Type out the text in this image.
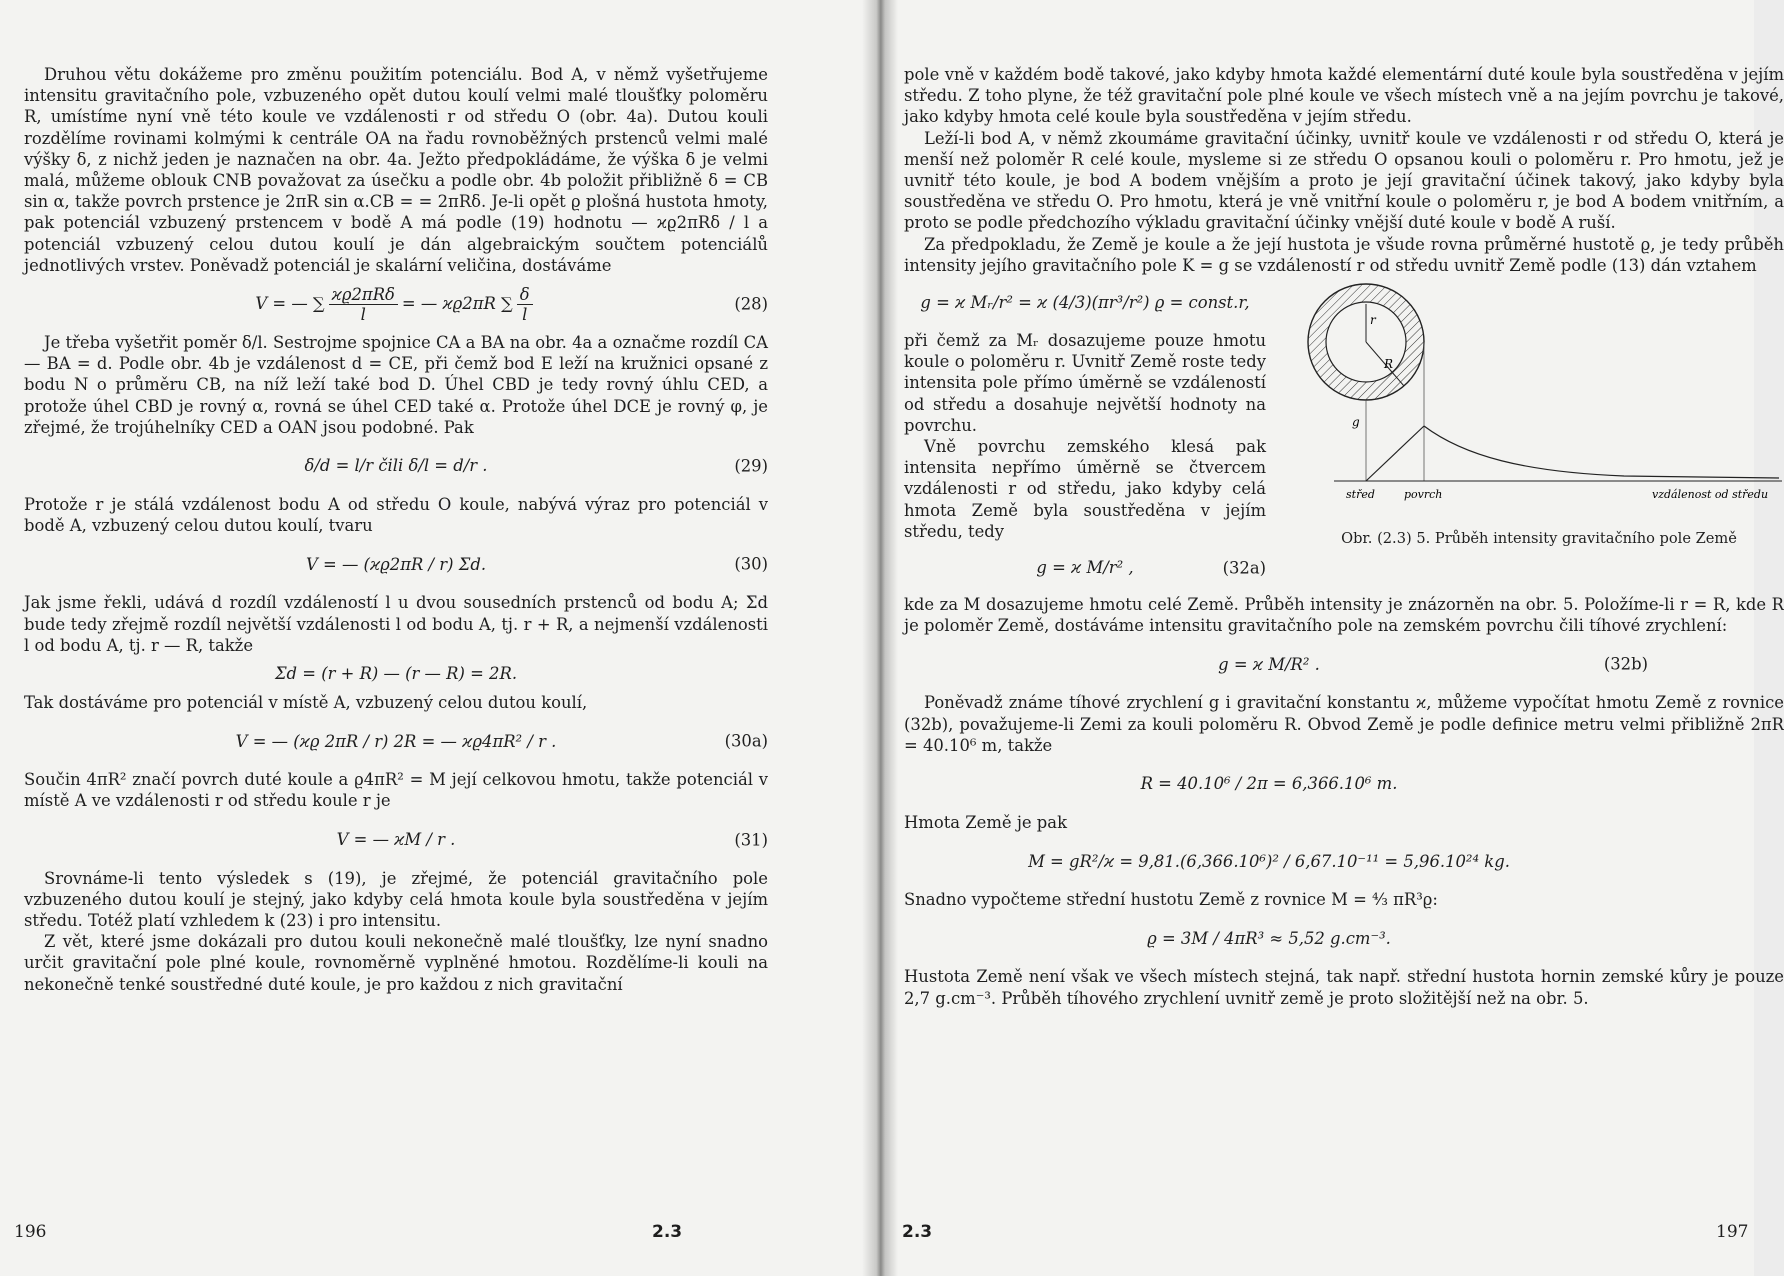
Druhou větu dokážeme pro změnu použitím potenciálu. Bod A, v němž vyšetřujeme intensitu gravitačního pole, vzbuzeného opět dutou koulí velmi malé tloušťky poloměru R, umístíme nyní vně této koule ve vzdálenosti r od středu O (obr. 4a). Dutou kouli rozdělíme rovinami kolmými k centrále OA na řadu rovnoběžných prstenců velmi malé výšky δ, z nichž jeden je naznačen na obr. 4a. Ježto předpokládáme, že výška δ je velmi malá, můžeme oblouk CNB považovat za úsečku a podle obr. 4b položit přibližně δ = CB sin α, takže povrch prstence je 2πR sin α.CB = = 2πRδ. Je-li opět ϱ plošná hustota hmoty, pak potenciál vzbuzený prstencem v bodě A má podle (19) hodnotu — ϰϱ2πRδ / l a potenciál vzbuzený celou dutou koulí je dán algebraickým součtem potenciálů jednotlivých vrstev. Poněvadž potenciál je skalární veličina, dostáváme

V = — ∑ $\frac{\text{ϰϱ2πRδ}}{l}$ = — ϰϱ2πR ∑ $\frac{\delta}{l}$	(28)

Je třeba vyšetřit poměr δ/l. Sestrojme spojnice CA a BA na obr. 4a a označme rozdíl CA — BA = d. Podle obr. 4b je vzdálenost d = CE, při čemž bod E leží na kružnici opsané z bodu N o průměru CB, na níž leží také bod D. Úhel CBD je tedy rovný úhlu CED, a protože úhel CBD je rovný α, rovná se úhel CED také α. Protože úhel DCE je rovný φ, je zřejmé, že trojúhelníky CED a OAN jsou podobné. Pak

δ/d = l/r čili δ/l = d/r .	(29)

Protože r je stálá vzdálenost bodu A od středu O koule, nabývá výraz pro potenciál v bodě A, vzbuzený celou dutou koulí, tvaru

V = — (ϰϱ2πR / r) Σd.	(30)

Jak jsme řekli, udává d rozdíl vzdáleností l u dvou sousedních prstenců od bodu A; Σd bude tedy zřejmě rozdíl největší vzdálenosti l od bodu A, tj. r + R, a nejmenší vzdálenosti l od bodu A, tj. r — R, takže

Σd = (r + R) — (r — R) = 2R.

Tak dostáváme pro potenciál v místě A, vzbuzený celou dutou koulí,

V = — (ϰϱ 2πR / r) 2R = — ϰϱ4πR² / r .	(30a)

Součin 4πR² značí povrch duté koule a ϱ4πR² = M její celkovou hmotu, takže potenciál v místě A ve vzdálenosti r od středu koule r je

V = — ϰM / r .	(31)

Srovnáme-li tento výsledek s (19), je zřejmé, že potenciál gravitačního pole vzbuzeného dutou koulí je stejný, jako kdyby celá hmota koule byla soustředěna v jejím středu. Totéž platí vzhledem k (23) i pro intensitu.

Z vět, které jsme dokázali pro dutou kouli nekonečně malé tloušťky, lze nyní snadno určit gravitační pole plné koule, rovnoměrně vyplněné hmotou. Rozdělíme-li kouli na nekonečně tenké soustředné duté koule, je pro každou z nich gravitační

196	2.3

pole vně v každém bodě takové, jako kdyby hmota každé elementární duté koule byla soustředěna v jejím středu. Z toho plyne, že též gravitační pole plné koule ve všech místech vně a na jejím povrchu je takové, jako kdyby hmota celé koule byla soustředěna v jejím středu.

Leží-li bod A, v němž zkoumáme gravitační účinky, uvnitř koule ve vzdálenosti r od středu O, která je menší než poloměr R celé koule, mysleme si ze středu O opsanou kouli o poloměru r. Pro hmotu, jež je uvnitř této koule, je bod A bodem vnějším a proto je její gravitační účinek takový, jako kdyby byla soustředěna ve středu O. Pro hmotu, která je vně vnitřní koule o poloměru r, je bod A bodem vnitřním, a proto se podle předchozího výkladu gravitační účinky vnější duté koule v bodě A ruší.

Za předpokladu, že Země je koule a že její hustota je všude rovna průměrné hustotě ϱ, je tedy průběh intensity jejího gravitačního pole K = g se vzdáleností r od středu uvnitř Země podle (13) dán vztahem

g = ϰ Mᵣ/r² = ϰ (4/3)(πr³/r²) ϱ = const.r,

při čemž za Mᵣ dosazujeme pouze hmotu koule o poloměru r. Uvnitř Země roste tedy intensita pole přímo úměrně se vzdáleností od středu a dosahuje největší hodnoty na povrchu.

Vně povrchu zemského klesá pak intensita nepřímo úměrně se čtvercem vzdálenosti r od středu, jako kdyby celá hmota Země byla soustředěna v jejím středu, tedy

g = ϰ M/r² ,	(32a)
r
R
g
střed	povrch	vzdálenost od středu
Obr. (2.3) 5. Průběh intensity gravitačního pole Země

kde za M dosazujeme hmotu celé Země. Průběh intensity je znázorněn na obr. 5. Položíme-li r = R, kde R je poloměr Země, dostáváme intensitu gravitačního pole na zemském povrchu čili tíhové zrychlení:

g = ϰ M/R² .	(32b)

Poněvadž známe tíhové zrychlení g i gravitační konstantu ϰ, můžeme vypočítat hmotu Země z rovnice (32b), považujeme-li Zemi za kouli poloměru R. Obvod Země je podle definice metru velmi přibližně 2πR = 40.10⁶ m, takže

R = 40.10⁶ / 2π = 6,366.10⁶ m.

Hmota Země je pak

M = gR²/ϰ = 9,81.(6,366.10⁶)² / 6,67.10⁻¹¹ = 5,96.10²⁴ kg.

Snadno vypočteme střední hustotu Země z rovnice M = ⁴⁄₃ πR³ϱ:

ϱ = 3M / 4πR³ ≈ 5,52 g.cm⁻³.

Hustota Země není však ve všech místech stejná, tak např. střední hustota hornin zemské kůry je pouze 2,7 g.cm⁻³. Průběh tíhového zrychlení uvnitř země je proto složitější než na obr. 5.

2.3	197
